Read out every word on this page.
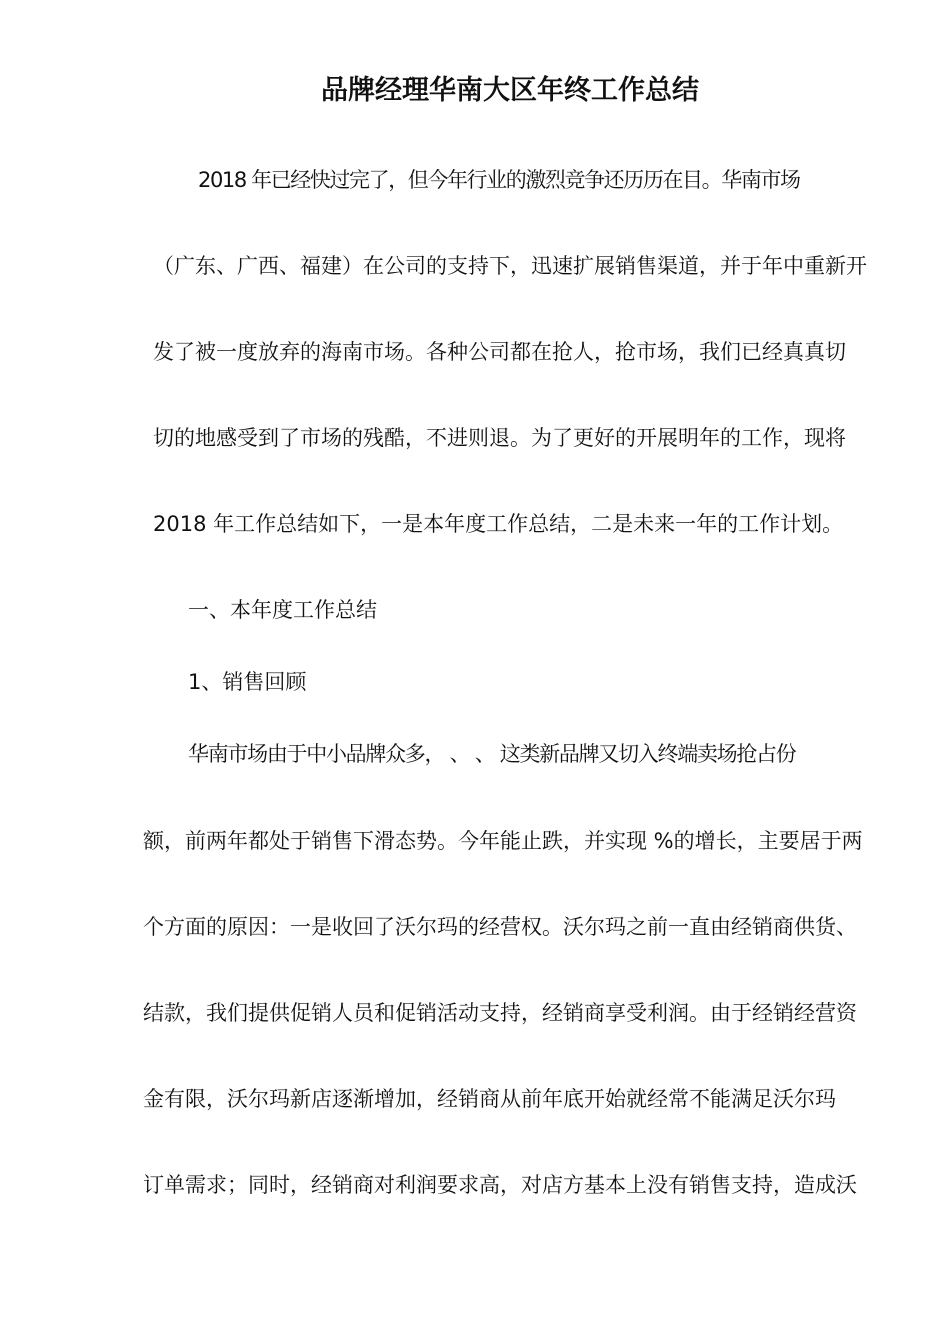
品牌经理华南大区年终工作总结
2018 年已经快过完了，但今年行业的激烈竞争还历历在目。华南市场
（广东、广西、福建）在公司的支持下，迅速扩展销售渠道，并于年中重新开
发了被一度放弃的海南市场。各种公司都在抢人，抢市场，我们已经真真切
切的地感受到了市场的残酷，不进则退。为了更好的开展明年的工作，现将
2018 年工作总结如下，一是本年度工作总结，二是未来一年的工作计划。
一、本年度工作总结
1、销售回顾
华南市场由于中小品牌众多， 、 、 这类新品牌又切入终端卖场抢占份
额，前两年都处于销售下滑态势。今年能止跌，并实现 %的增长，主要居于两
个方面的原因：一是收回了沃尔玛的经营权。沃尔玛之前一直由经销商供货、
结款，我们提供促销人员和促销活动支持，经销商享受利润。由于经销经营资
金有限，沃尔玛新店逐渐增加，经销商从前年底开始就经常不能满足沃尔玛
订单需求；同时，经销商对利润要求高，对店方基本上没有销售支持，造成沃
